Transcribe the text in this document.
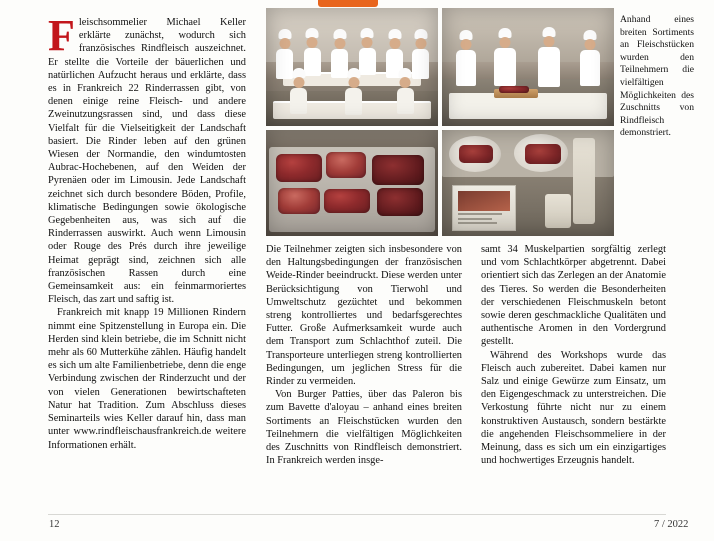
Anhand eines breiten Sortiments an Fleischstücken wurden den Teilnehmern die vielfältigen Möglichkeiten des Zuschnitts von Rindfleisch demonstriert.

Fleischsommelier Michael Keller erklärte zunächst, wodurch sich französisches Rindfleisch auszeichnet. Er stellte die Vorteile der bäuerlichen und natürlichen Aufzucht heraus und erklärte, dass es in Frankreich 22 Rinderrassen gibt, von denen einige reine Fleisch- und andere Zweinutzungsrassen sind, und dass diese Vielfalt für die Vielseitigkeit der Landschaft basiert. Die Rinder leben auf den grünen Wiesen der Normandie, den windumtosten Aubrac-Hochebenen, auf den Weiden der Pyrenäen oder im Limousin. Jede Landschaft zeichnet sich durch besondere Böden, Profile, klimatische Bedingungen sowie ökologische Gegebenheiten aus, was sich auf die Rinderrassen auswirkt. Auch wenn Limousin oder Rouge des Prés durch ihre jeweilige Heimat geprägt sind, zeichnen sich alle französischen Rassen durch eine Gemeinsamkeit aus: ein feinmarmoriertes Fleisch, das zart und saftig ist.

Frankreich mit knapp 19 Millionen Rindern nimmt eine Spitzenstellung in Europa ein. Die Herden sind klein betriebe, die im Schnitt nicht mehr als 60 Mutterkühe zählen. Häufig handelt es sich um alte Familienbetriebe, denn die enge Verbindung zwischen der Rinderzucht und der von vielen Generationen bewirtschafteten Natur hat Tradition. Zum Abschluss dieses Seminarteils wies Keller darauf hin, dass man unter www.rindfleischausfrankreich.de weitere Informationen erhält.

Die Teilnehmer zeigten sich insbesondere von den Haltungsbedingungen der französischen Weide-Rinder beeindruckt. Diese werden unter Berücksichtigung von Tierwohl und Umweltschutz gezüchtet und bekommen streng kontrolliertes und bedarfsgerechtes Futter. Große Aufmerksamkeit wurde auch dem Transport zum Schlachthof zuteil. Die Transporteure unterliegen streng kontrollierten Bedingungen, um jeglichen Stress für die Rinder zu vermeiden.

Von Burger Patties, über das Paleron bis zum Bavette d'aloyau – anhand eines breiten Sortiments an Fleischstücken wurden den Teilnehmern die vielfältigen Möglichkeiten des Zuschnitts von Rindfleisch demonstriert. In Frankreich werden insge-

samt 34 Muskelpartien sorgfältig zerlegt und vom Schlachtkörper abgetrennt. Dabei orientiert sich das Zerlegen an der Anatomie des Tieres. So werden die Besonderheiten der verschiedenen Fleischmuskeln betont sowie deren geschmackliche Qualitäten und authentische Aromen in den Vordergrund gestellt.

Während des Workshops wurde das Fleisch auch zubereitet. Dabei kamen nur Salz und einige Gewürze zum Einsatz, um den Eigengeschmack zu unterstreichen. Die Verkostung führte nicht nur zu einem konstruktiven Austausch, sondern bestärkte die angehenden Fleischsommeliere in der Meinung, dass es sich um ein einzigartiges und hochwertiges Erzeugnis handelt.

12	7 / 2022
